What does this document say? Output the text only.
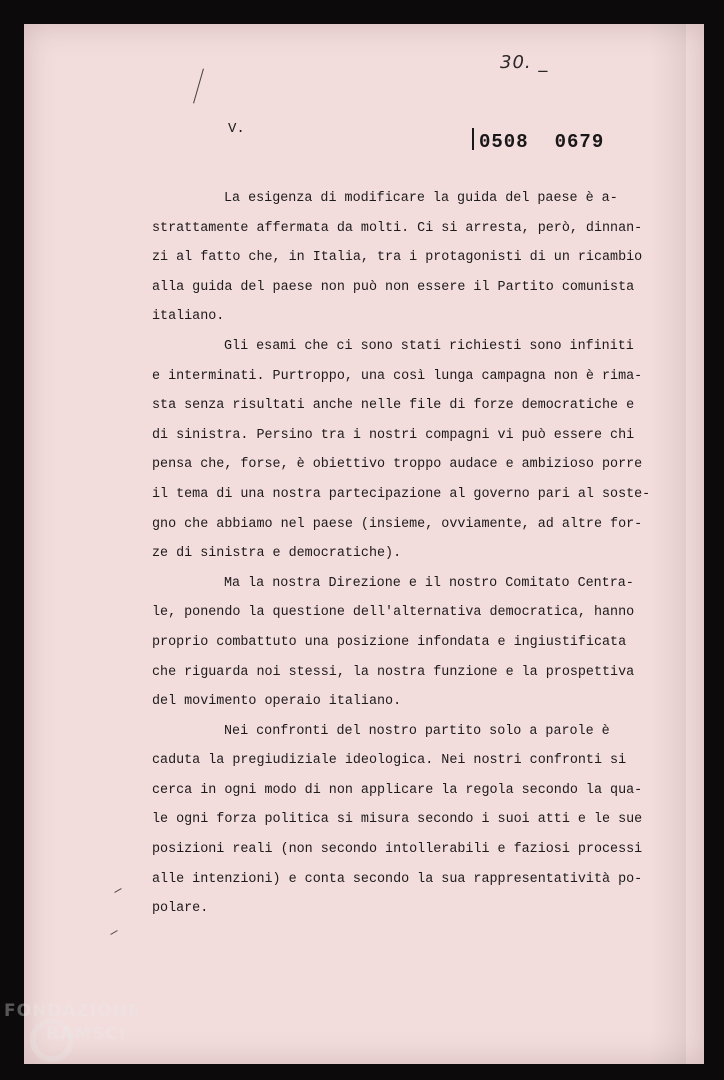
30. _
V.
0508 0679
La esigenza di modificare la guida del paese è a-
strattamente affermata da molti. Ci si arresta, però, dinnan-
zi al fatto che, in Italia, tra i protagonisti di un ricambio
alla guida del paese non può non essere il Partito comunista
italiano.
Gli esami che ci sono stati richiesti sono infiniti
e interminati. Purtroppo, una così lunga campagna non è rima-
sta senza risultati anche nelle file di forze democratiche e
di sinistra. Persino tra i nostri compagni vi può essere chi
pensa che, forse, è obiettivo troppo audace e ambizioso porre
il tema di una nostra partecipazione al governo pari al soste-
gno che abbiamo nel paese (insieme, ovviamente, ad altre for-
ze di sinistra e democratiche).
Ma la nostra Direzione e il nostro Comitato Centra-
le, ponendo la questione dell'alternativa democratica, hanno
proprio combattuto una posizione infondata e ingiustificata
che riguarda noi stessi, la nostra funzione e la prospettiva
del movimento operaio italiano.
Nei confronti del nostro partito solo a parole è
caduta la pregiudiziale ideologica. Nei nostri confronti si
cerca in ogni modo di non applicare la regola secondo la qua-
le ogni forza politica si misura secondo i suoi atti e le sue
posizioni reali (non secondo intollerabili e faziosi processi
alle intenzioni) e conta secondo la sua rappresentatività po-
polare.
FONDAZIONE
RAMSCI
